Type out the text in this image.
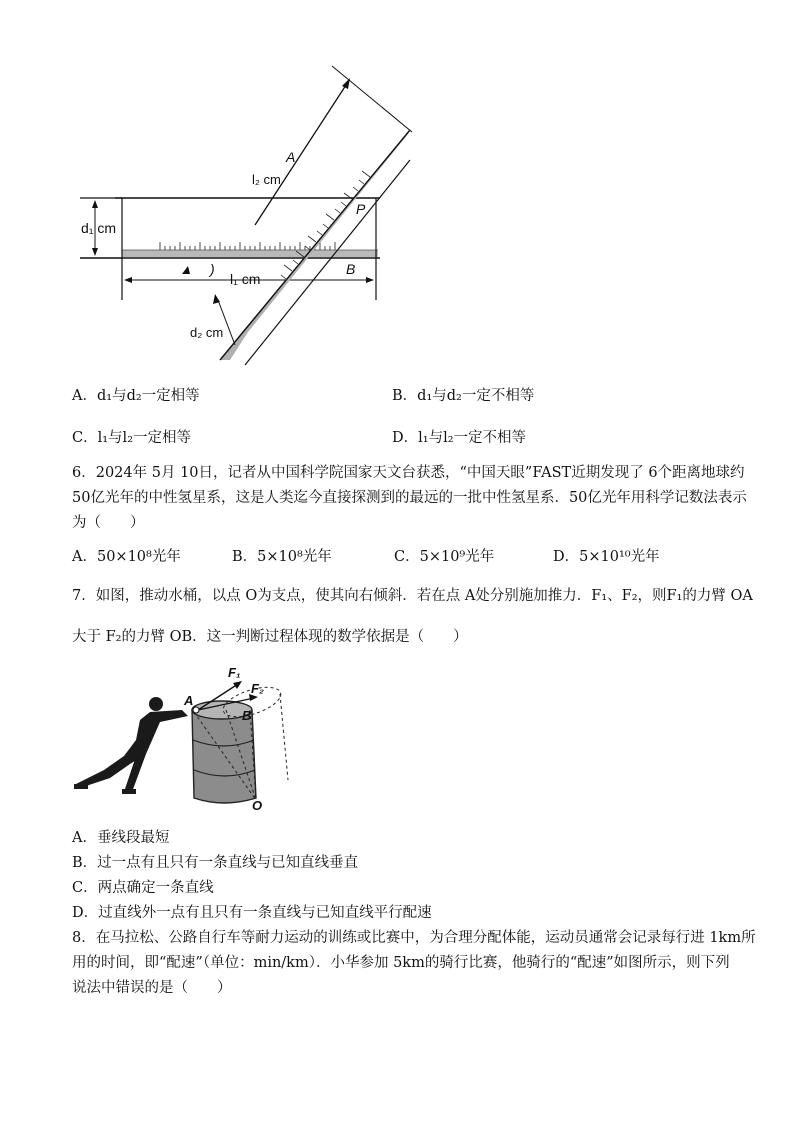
)
d₁ cm
l₂ cm
A
P
l₁ cm
B
d₂ cm
A．d₁与d₂一定相等	B．d₁与d₂一定不相等
C．l₁与l₂一定相等	D．l₁与l₂一定不相等
6．2024年 5月 10日，记者从中国科学院国家天文台获悉，“中国天眼”FAST近期发现了 6个距离地球约
50亿光年的中性氢星系，这是人类迄今直接探测到的最远的一批中性氢星系．50亿光年用科学记数法表示
为（　　）
A．50×10⁸光年	B．5×10⁸光年	C．5×10⁹光年	D．5×10¹⁰光年
7．如图，推动水桶，以点 O为支点，使其向右倾斜．若在点 A处分别施加推力．F₁、F₂，则F₁的力臂 OA
大于 F₂的力臂 OB．这一判断过程体现的数学依据是（　　）
F₁
F₂
A
B
O
A．垂线段最短
B．过一点有且只有一条直线与已知直线垂直
C．两点确定一条直线
D．过直线外一点有且只有一条直线与已知直线平行配速
8．在马拉松、公路自行车等耐力运动的训练或比赛中，为合理分配体能，运动员通常会记录每行进 1km所
用的时间，即“配速”（单位：min/km）．小华参加 5km的骑行比赛，他骑行的“配速”如图所示，则下列
说法中错误的是（　　）
